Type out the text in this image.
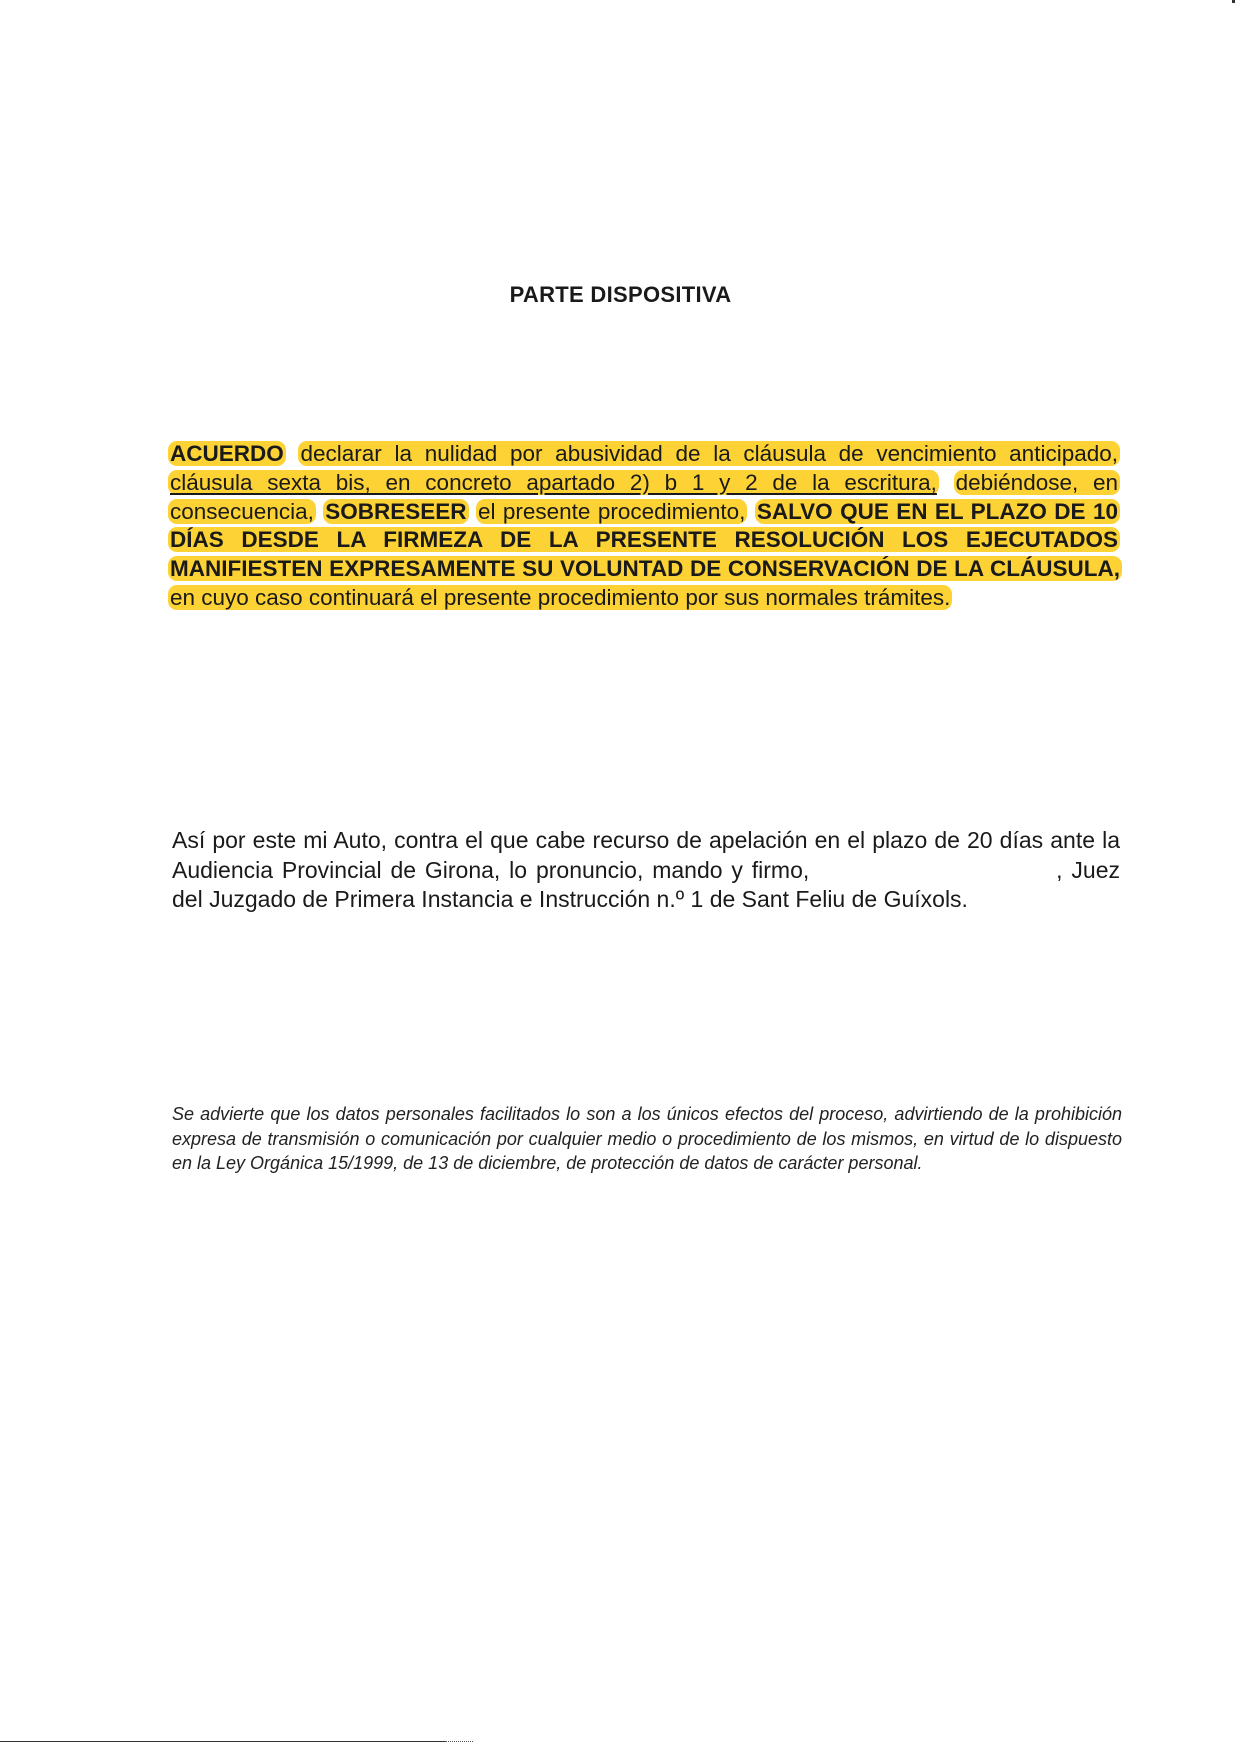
PARTE DISPOSITIVA

ACUERDO declarar la nulidad por abusividad de la cláusula de vencimiento anticipado, cláusula sexta bis, en concreto apartado 2) b 1 y 2 de la escritura, debiéndose, en consecuencia, SOBRESEER el presente procedimiento, SALVO QUE EN EL PLAZO DE 10 DÍAS DESDE LA FIRMEZA DE LA PRESENTE RESOLUCIÓN LOS EJECUTADOS MANIFIESTEN EXPRESAMENTE SU VOLUNTAD DE CONSERVACIÓN DE LA CLÁUSULA, en cuyo caso continuará el presente procedimiento por sus normales trámites.

Así por este mi Auto, contra el que cabe recurso de apelación en el plazo de 20 días ante la Audiencia Provincial de Girona, lo pronuncio, mando y firmo,	, Juez del Juzgado de Primera Instancia e Instrucción n.º 1 de Sant Feliu de Guíxols.

Se advierte que los datos personales facilitados lo son a los únicos efectos del proceso, advirtiendo de la prohibición expresa de transmisión o comunicación por cualquier medio o procedimiento de los mismos, en virtud de lo dispuesto en la Ley Orgánica 15/1999, de 13 de diciembre, de protección de datos de carácter personal.
